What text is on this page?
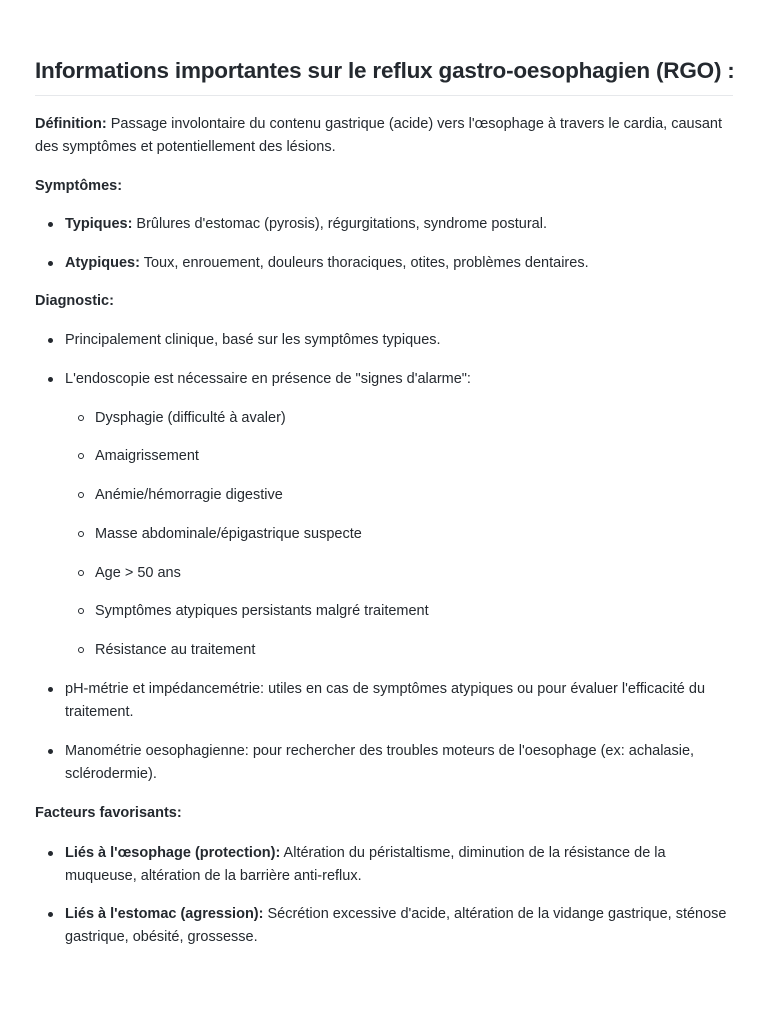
Informations importantes sur le reflux gastro-oesophagien (RGO) :

Définition: Passage involontaire du contenu gastrique (acide) vers l'œsophage à travers le cardia, causant des symptômes et potentiellement des lésions.

Symptômes:

Typiques: Brûlures d'estomac (pyrosis), régurgitations, syndrome postural.
Atypiques: Toux, enrouement, douleurs thoraciques, otites, problèmes dentaires.

Diagnostic:

Principalement clinique, basé sur les symptômes typiques.
L'endoscopie est nécessaire en présence de "signes d'alarme":
Dysphagie (difficulté à avaler)
Amaigrissement
Anémie/hémorragie digestive
Masse abdominale/épigastrique suspecte
Age > 50 ans
Symptômes atypiques persistants malgré traitement
Résistance au traitement
pH-métrie et impédancemétrie: utiles en cas de symptômes atypiques ou pour évaluer l'efficacité du traitement.
Manométrie oesophagienne: pour rechercher des troubles moteurs de l'oesophage (ex: achalasie, sclérodermie).

Facteurs favorisants:

Liés à l'œsophage (protection): Altération du péristaltisme, diminution de la résistance de la muqueuse, altération de la barrière anti-reflux.
Liés à l'estomac (agression): Sécrétion excessive d'acide, altération de la vidange gastrique, sténose gastrique, obésité, grossesse.
